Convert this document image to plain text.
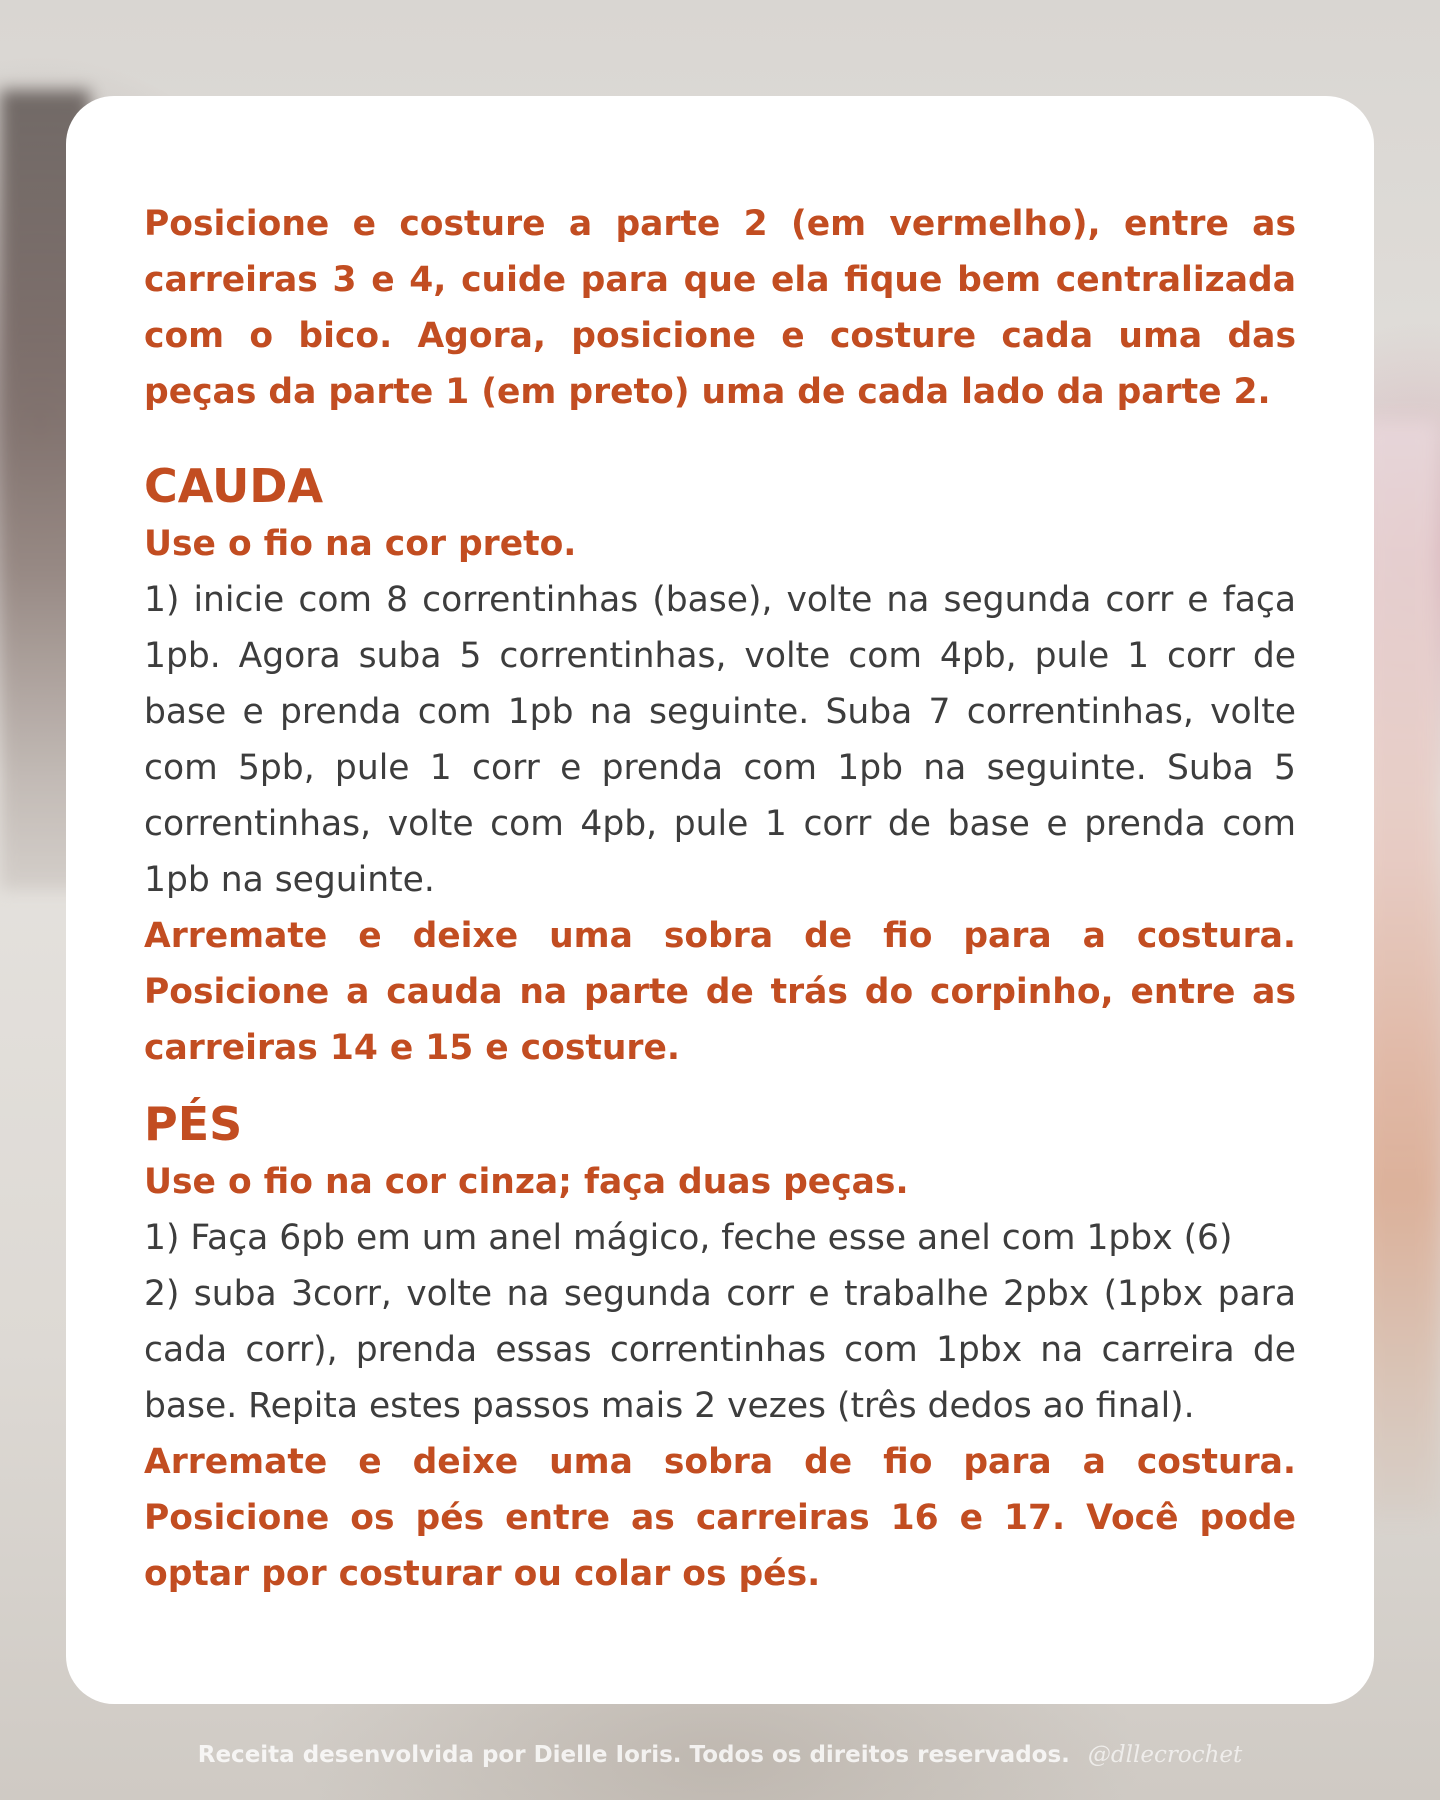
Posicione e costure a parte 2 (em vermelho), entre as carreiras 3 e 4, cuide para que ela fique bem centralizada com o bico. Agora, posicione e costure cada uma das peças da parte 1 (em preto) uma de cada lado da parte 2.

CAUDA

Use o fio na cor preto.

1) inicie com 8 correntinhas (base), volte na segunda corr e faça 1pb. Agora suba 5 correntinhas, volte com 4pb, pule 1 corr de base e prenda com 1pb na seguinte. Suba 7 correntinhas, volte com 5pb, pule 1 corr e prenda com 1pb na seguinte. Suba 5 correntinhas, volte com 4pb, pule 1 corr de base e prenda com 1pb na seguinte.

Arremate e deixe uma sobra de fio para a costura. Posicione a cauda na parte de trás do corpinho, entre as carreiras 14 e 15 e costure.

PÉS

Use o fio na cor cinza; faça duas peças.

1) Faça 6pb em um anel mágico, feche esse anel com 1pbx (6)

2) suba 3corr, volte na segunda corr e trabalhe 2pbx (1pbx para cada corr), prenda essas correntinhas com 1pbx na carreira de base. Repita estes passos mais 2 vezes (três dedos ao final).

Arremate e deixe uma sobra de fio para a costura. Posicione os pés entre as carreiras 16 e 17. Você pode optar por costurar ou colar os pés.

Receita desenvolvida por Dielle Ioris. Todos os direitos reservados. @dllecrochet
